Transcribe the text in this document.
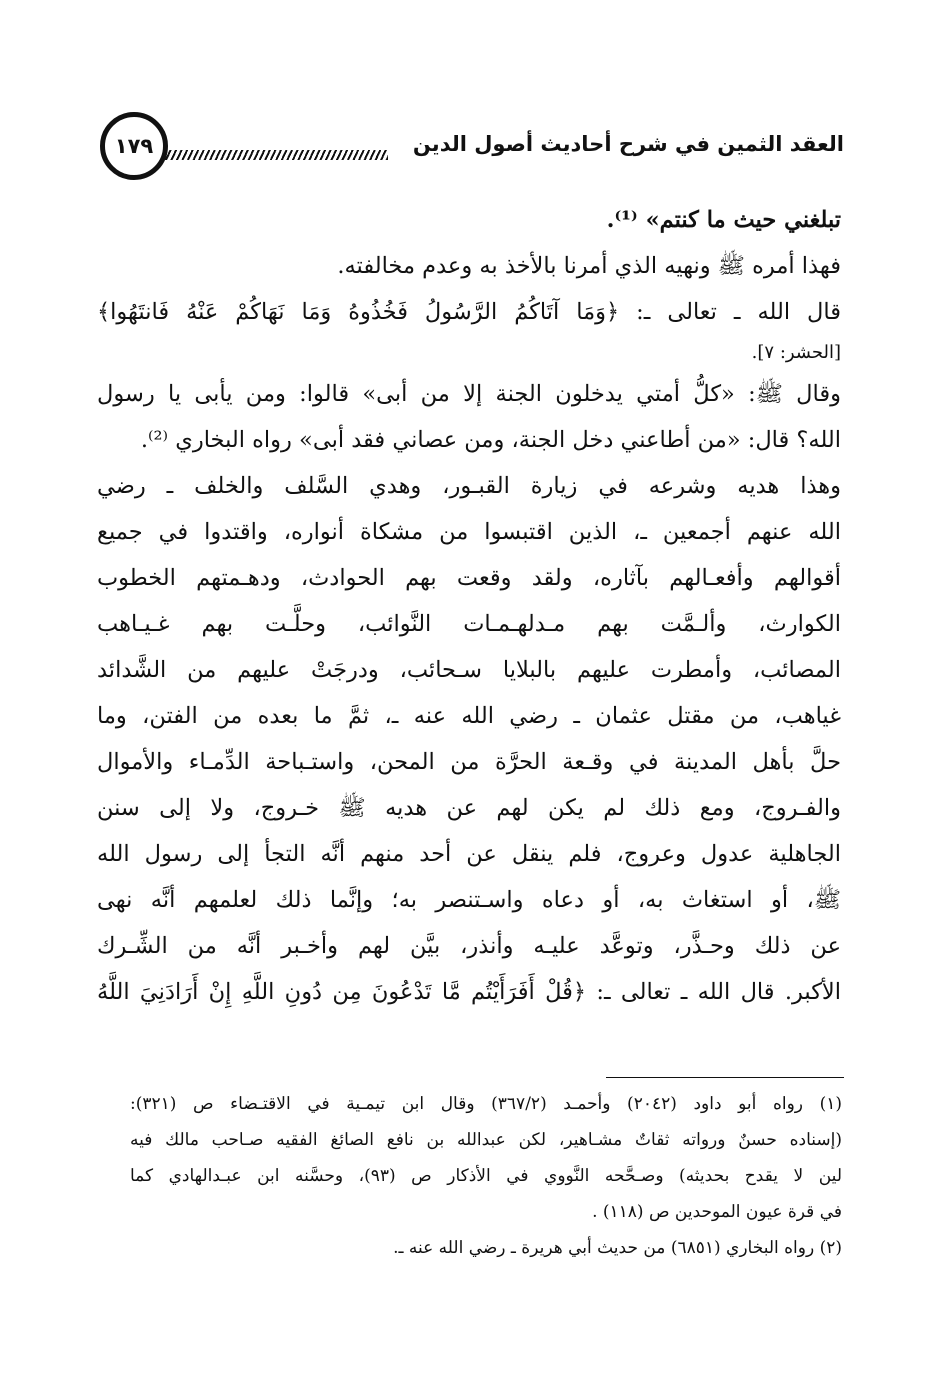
١٧٩	العقد الثمين في شرح أحاديث أصول الدين
تبلغني حيث ما كنتم» ⁽¹⁾.
فهذا أمره ﷺ ونهيه الذي أمرنا بالأخذ به وعدم مخالفته.
قال الله ـ تعالى ـ: ﴿وَمَا آتَاكُمُ الرَّسُولُ فَخُذُوهُ وَمَا نَهَاكُمْ عَنْهُ فَانتَهُوا﴾
[الحشر: ٧].
وقال ﷺ: «كلُّ أمتي يدخلون الجنة إلا من أبى» قالوا: ومن يأبى يا رسول
الله؟ قال: «من أطاعني دخل الجنة، ومن عصاني فقد أبى» رواه البخاري ⁽²⁾.
وهذا هديه وشرعه في زيارة القبـور، وهدي السَّلف والخلف ـ رضي
الله عنهم أجمعين ـ، الذين اقتبسوا من مشكاة أنواره، واقتدوا في جميع
أقوالهم وأفعـالهم بآثاره، ولقد وقعت بهم الحوادث، ودهـمتهم الخطوب
الكوارث، وألـمَّت بهم مـدلهـمـات النَّوائب، وحلَّـت بهم غـيـاهب
المصائب، وأمطرت عليهم بالبلايا سـحائب، ودرجَتْ عليهم من الشَّدائد
غياهب، من مقتل عثمان ـ رضي الله عنه ـ، ثمَّ ما بعده من الفتن، وما
حلَّ بأهل المدينة في وقـعة الحرَّة من المحن، واستـباحة الدِّمـاء والأموال
والفـروج، ومع ذلك لم يكن لهم عن هديه ﷺ خـروج، ولا إلى سنن
الجاهلية عدول وعروج، فلم ينقل عن أحد منهم أنَّه التجأ إلى رسول الله
ﷺ، أو استغاث به، أو دعاه واسـتنصر به؛ وإنَّما ذلك لعلمهم أنَّه نهى
عن ذلك وحـذَّر، وتوعَّد عليـه وأنذر، بيَّن لهم وأخـبر أنَّه من الشِّـرك
الأكبر. قال الله ـ تعالى ـ: ﴿قُلْ أَفَرَأَيْتُم مَّا تَدْعُونَ مِن دُونِ اللَّهِ إِنْ أَرَادَنِيَ اللَّهُ
(١) رواه أبو داود (٢٠٤٢) وأحمـد (٣٦٧/٢) وقال ابن تيمـية في الاقتـضاء ص (٣٢١):
(إسناده حسنٌ ورواته ثقاتٌ مشـاهير، لكن عبدالله بن نافع الصائغ الفقيه صـاحب مالك فيه
لين لا يقدح بحديثه) وصـحَّحه النَّووي في الأذكار ص (٩٣)، وحسَّنه ابن عبـدالهادي كما
في قرة عيون الموحدين ص (١١٨) .
(٢) رواه البخاري (٦٨٥١) من حديث أبي هريرة ـ رضي الله عنه ـ.
